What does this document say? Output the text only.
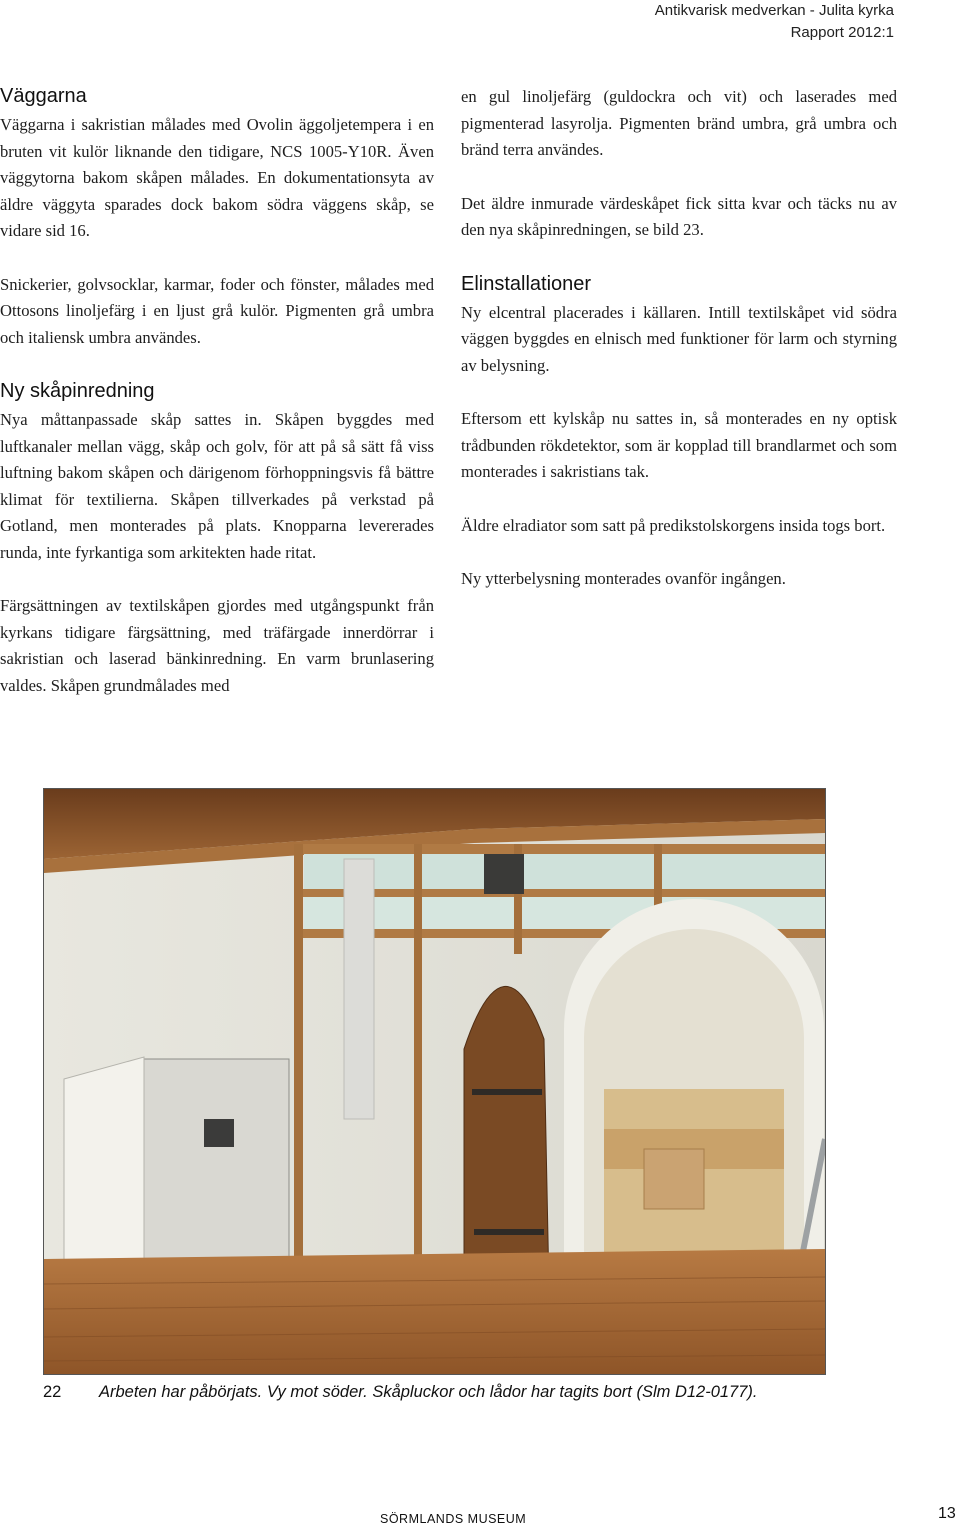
Antikvarisk medverkan - Julita kyrka
Rapport 2012:1
Väggarna

Väggarna i sakristian målades med Ovolin äggoljetempera i en bruten vit kulör liknande den tidigare, NCS 1005-Y10R. Även väggytorna bakom skåpen målades. En dokumentationsyta av äldre väggyta sparades dock bakom södra väggens skåp, se vidare sid 16.

Snickerier, golvsocklar, karmar, foder och fönster, målades med Ottosons linoljefärg i en ljust grå kulör. Pigmenten grå umbra och italiensk umbra användes.

Ny skåpinredning

Nya måttanpassade skåp sattes in. Skåpen byggdes med luftkanaler mellan vägg, skåp och golv, för att på så sätt få viss luftning bakom skåpen och därigenom förhoppningsvis få bättre klimat för textilierna. Skåpen tillverkades på verkstad på Gotland, men monterades på plats. Knopparna levererades runda, inte fyrkantiga som arkitekten hade ritat.

Färgsättningen av textilskåpen gjordes med utgångspunkt från kyrkans tidigare färgsättning, med träfärgade innerdörrar i sakristian och laserad bänkinredning. En varm brunlasering valdes. Skåpen grundmålades med

en gul linoljefärg (guldockra och vit) och laserades med pigmenterad lasyrolja. Pigmenten bränd umbra, grå umbra och bränd terra användes.

Det äldre inmurade värdeskåpet fick sitta kvar och täcks nu av den nya skåpinredningen, se bild 23.

Elinstallationer

Ny elcentral placerades i källaren. Intill textilskåpet vid södra väggen byggdes en elnisch med funktioner för larm och styrning av belysning.

Eftersom ett kylskåp nu sattes in, så monterades en ny optisk trådbunden rökdetektor, som är kopplad till brandlarmet och som monterades i sakristians tak.

Äldre elradiator som satt på predikstolskorgens insida togs bort.

Ny ytterbelysning monterades ovanför ingången.

22 Arbeten har påbörjats. Vy mot söder. Skåpluckor och lådor har tagits bort (Slm D12-0177).
SÖRMLANDS MUSEUM	13
